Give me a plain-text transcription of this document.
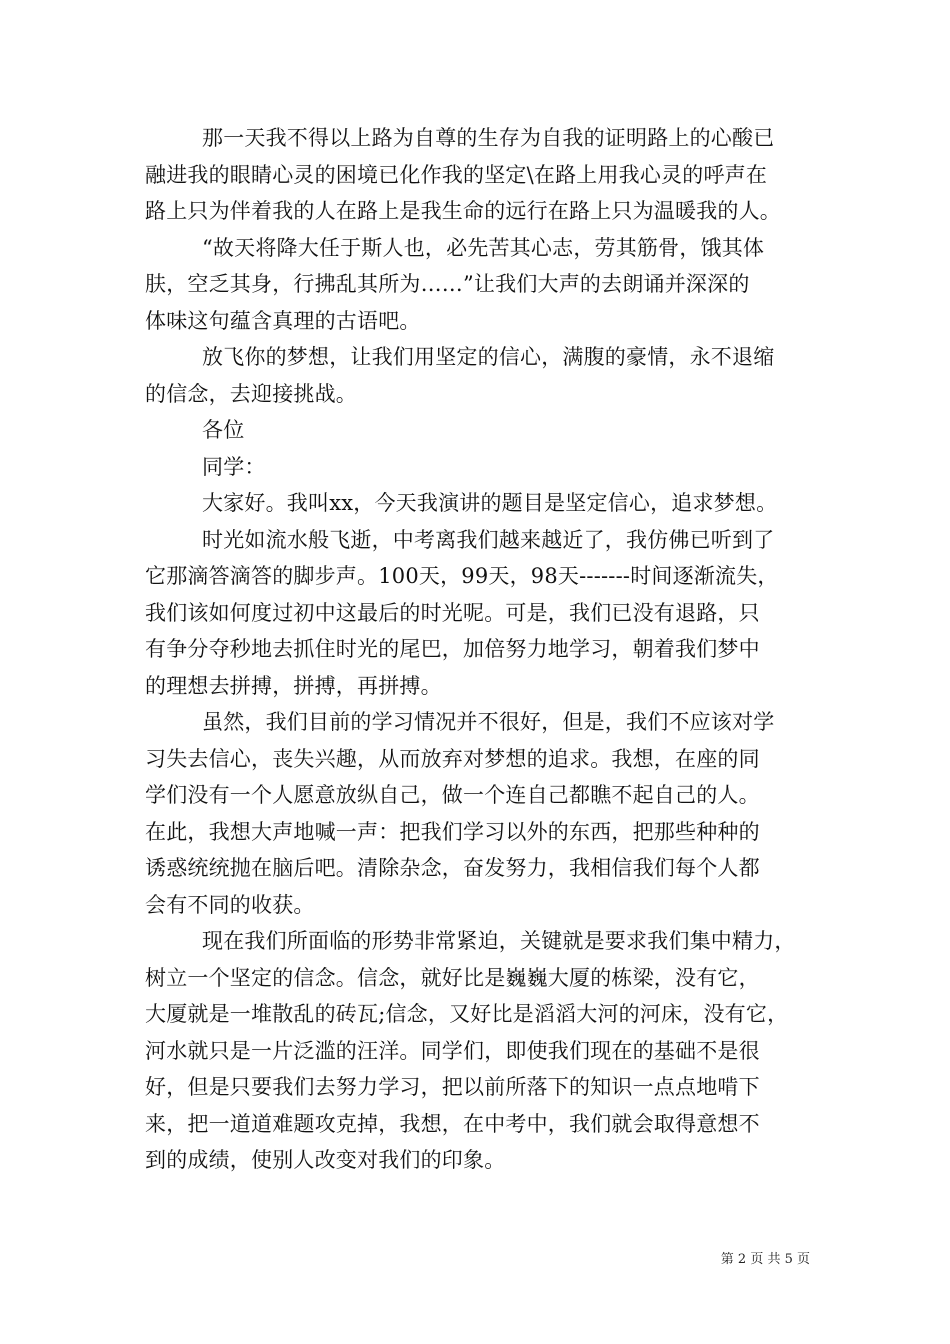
那一天我不得以上路为自尊的生存为自我的证明路上的心酸已
融进我的眼睛心灵的困境已化作我的坚定\在路上用我心灵的呼声在
路上只为伴着我的人在路上是我生命的远行在路上只为温暖我的人。
“故天将降大任于斯人也，必先苦其心志，劳其筋骨，饿其体
肤，空乏其身，行拂乱其所为……”让我们大声的去朗诵并深深的
体味这句蕴含真理的古语吧。
放飞你的梦想，让我们用坚定的信心，满腹的豪情，永不退缩
的信念，去迎接挑战。
各位
同学：
大家好。我叫xx，今天我演讲的题目是坚定信心，追求梦想。
时光如流水般飞逝，中考离我们越来越近了，我仿佛已听到了
它那滴答滴答的脚步声。100天，99天，98天-------时间逐渐流失，
我们该如何度过初中这最后的时光呢。可是，我们已没有退路，只
有争分夺秒地去抓住时光的尾巴，加倍努力地学习，朝着我们梦中
的理想去拼搏，拼搏，再拼搏。
虽然，我们目前的学习情况并不很好，但是，我们不应该对学
习失去信心，丧失兴趣，从而放弃对梦想的追求。我想，在座的同
学们没有一个人愿意放纵自己，做一个连自己都瞧不起自己的人。
在此，我想大声地喊一声：把我们学习以外的东西，把那些种种的
诱惑统统抛在脑后吧。清除杂念，奋发努力，我相信我们每个人都
会有不同的收获。
现在我们所面临的形势非常紧迫，关键就是要求我们集中精力，
树立一个坚定的信念。信念，就好比是巍巍大厦的栋梁，没有它，
大厦就是一堆散乱的砖瓦;信念，又好比是滔滔大河的河床，没有它，
河水就只是一片泛滥的汪洋。同学们，即使我们现在的基础不是很
好，但是只要我们去努力学习，把以前所落下的知识一点点地啃下
来，把一道道难题攻克掉，我想，在中考中，我们就会取得意想不
到的成绩，使别人改变对我们的印象。
第 2 页 共 5 页
